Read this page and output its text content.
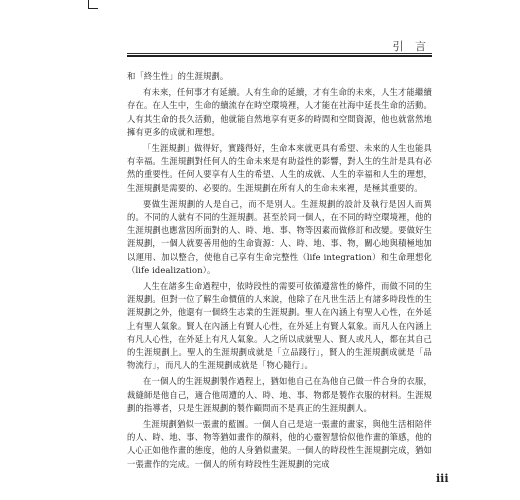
引 言

和「終生性」的生涯規劃。

有未來，任何事才有延續。人有生命的延續，才有生命的未來，人生才能繼續存在。在人生中，生命的續流存在時空環境裡，人才能在社海中延長生命的活動。人有其生命的長久活動，他就能自然地享有更多的時間和空間資源，他也就當然地擁有更多的成就和理想。

「生涯規劃」做得好，實踐得好，生命本來就更具有希望、未來的人生也能具有幸福。生涯規劃對任何人的生命未來是有助益性的影響，對人生的生計是具有必然的重要性。任何人要享有人生的希望、人生的成就、人生的幸福和人生的理想，生涯規劃是需要的、必要的。生涯規劃在所有人的生命未來裡，是極其重要的。

要做生涯規劃的人是自己，而不是別人。生涯規劃的設計及執行是因人而異的。不同的人就有不同的生涯規劃。甚至於同一個人，在不同的時空環境裡，他的生涯規劃也應當因所面對的人、時、地、事、物等因素而做修訂和改變。要做好生涯規劃，一個人就要善用他的生命資源：人、時、地、事、物，關心地與積極地加以運用、加以整合，使他自己享有生命完整性（life integration）和生命理想化（life idealization）。

人生在諸多生命過程中，依時段性的需要可依循遵當性的條件，而做不同的生涯規劃。但對一位了解生命價值的人來說，他除了在凡世生活上有諸多時段性的生涯規劃之外，他還有一個終生志業的生涯規劃。聖人在內涵上有聖人心性，在外延上有聖人氣象。賢人在內涵上有賢人心性，在外延上有賢人氣象。而凡人在內涵上有凡人心性，在外延上有凡人氣象。人之所以成就聖人、賢人或凡人，都在其自己的生涯規劃上。聖人的生涯規劃成就是「立品踐行」，賢人的生涯規劃成就是「品物流行」，而凡人的生涯規劃成就是「物心隨行」。

在一個人的生涯規劃製作過程上，猶如他自己在為他自己做一件合身的衣服，裁縫師是他自己，適合他周遭的人、時、地、事、物都是製作衣服的材料。生涯規劃的指導者，只是生涯規劃的製作顧問而不是真正的生涯規劃人。

生涯規劃猶似一張畫的藍圖。一個人自己是這一張畫的畫家，與他生活相陪伴的人、時、地、事、物等猶如畫作的顏料，他的心靈智慧恰似他作畫的筆感，他的人心正如他作畫的態度，他的人身猶似畫架。一個人的時段性生涯規劃完成，猶如一張畫作的完成。一個人的所有時段性生涯規劃的完成

iii
